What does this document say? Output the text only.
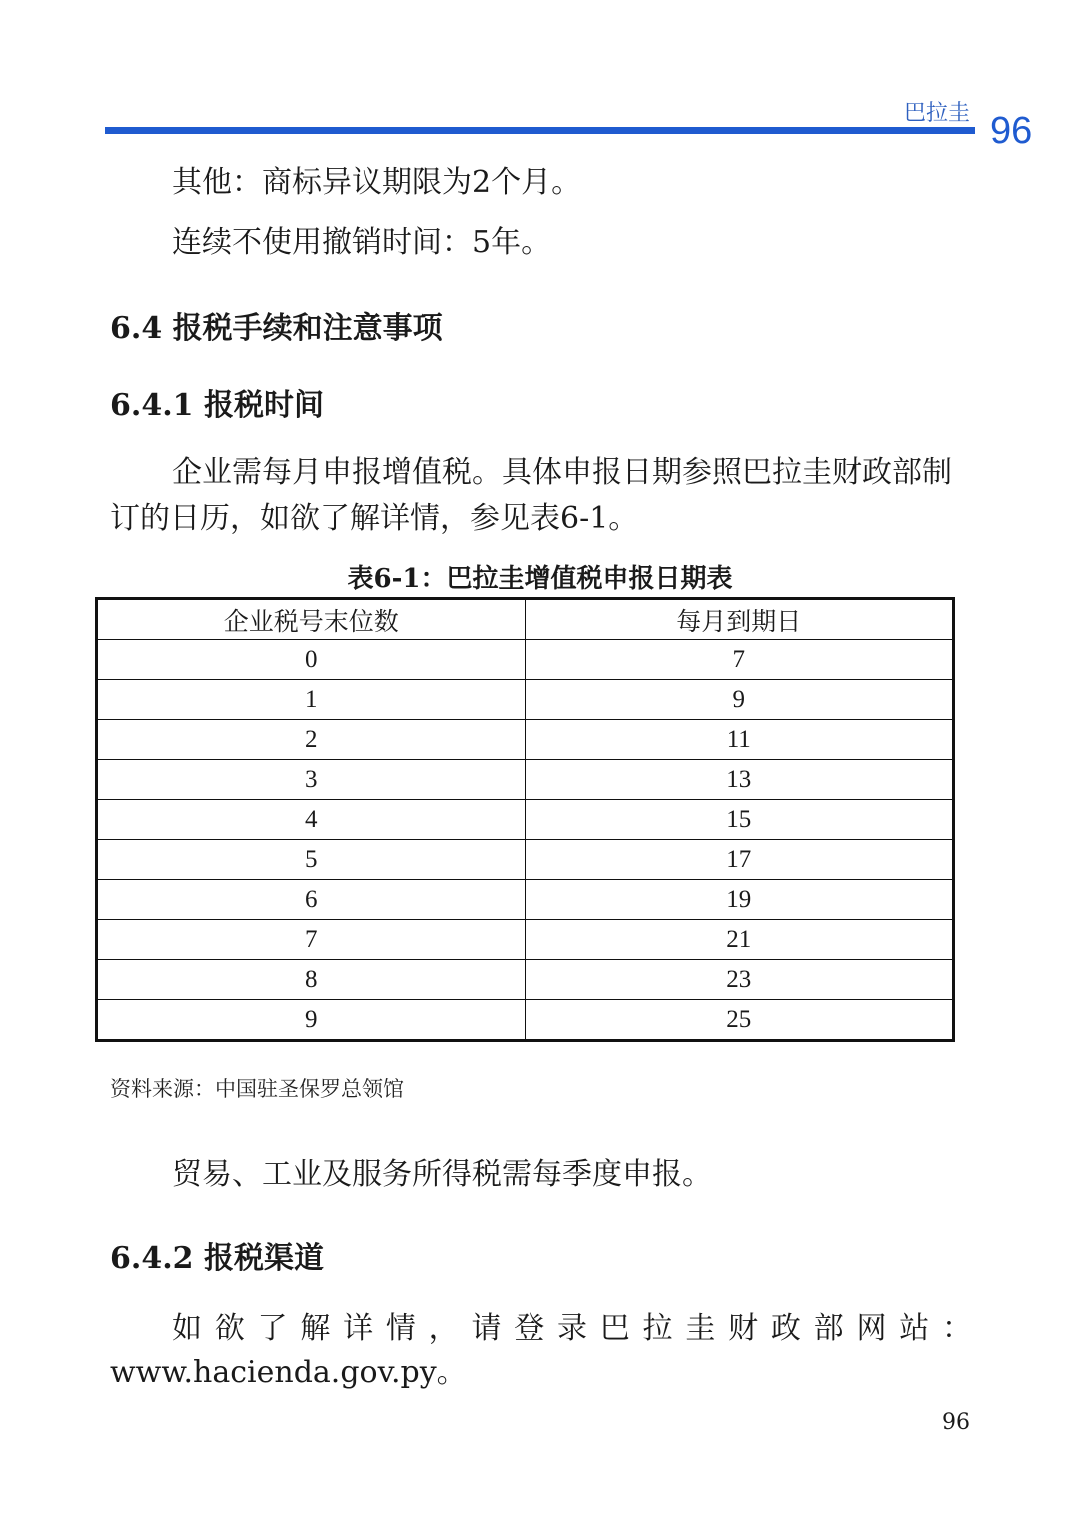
巴拉圭 96

其他：商标异议期限为2个月。

连续不使用撤销时间：5年。

6.4 报税手续和注意事项
6.4.1 报税时间

企业需每月申报增值税。具体申报日期参照巴拉圭财政部制订的日历，如欲了解详情，参见表6-1。

表6-1：巴拉圭增值税申报日期表
企业税号末位数	每月到期日
0	7
1	9
2	11
3	13
4	15
5	17
6	19
7	21
8	23
9	25
资料来源：中国驻圣保罗总领馆

贸易、工业及服务所得税需每季度申报。

6.4.2 报税渠道

如欲了解详情，请登录巴拉圭财政部网站：

www.hacienda.gov.py。

96
